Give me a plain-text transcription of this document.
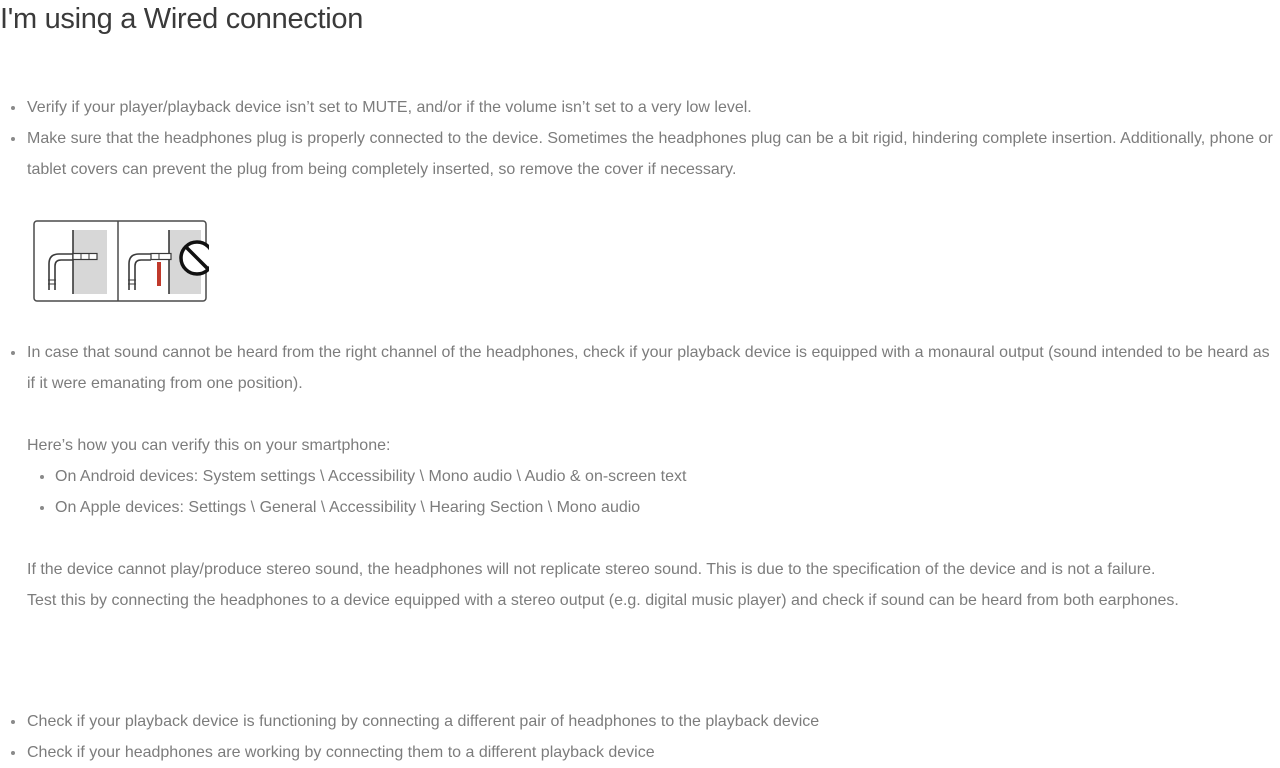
I'm using a Wired connection
Verify if your player/playback device isn’t set to MUTE, and/or if the volume isn’t set to a very low level.
Make sure that the headphones plug is properly connected to the device. Sometimes the headphones plug can be a bit rigid, hindering complete insertion. Additionally, phone or tablet covers can prevent the plug from being completely inserted, so remove the cover if necessary.
In case that sound cannot be heard from the right channel of the headphones, check if your playback device is equipped with a monaural output (sound intended to be heard as if it were emanating from one position).
Here’s how you can verify this on your smartphone:
On Android devices: System settings \ Accessibility \ Mono audio \ Audio & on-screen text
On Apple devices: Settings \ General \ Accessibility \ Hearing Section \ Mono audio
If the device cannot play/produce stereo sound, the headphones will not replicate stereo sound. This is due to the specification of the device and is not a failure.
Test this by connecting the headphones to a device equipped with a stereo output (e.g. digital music player) and check if sound can be heard from both earphones.
Check if your playback device is functioning by connecting a different pair of headphones to the playback device
Check if your headphones are working by connecting them to a different playback device
